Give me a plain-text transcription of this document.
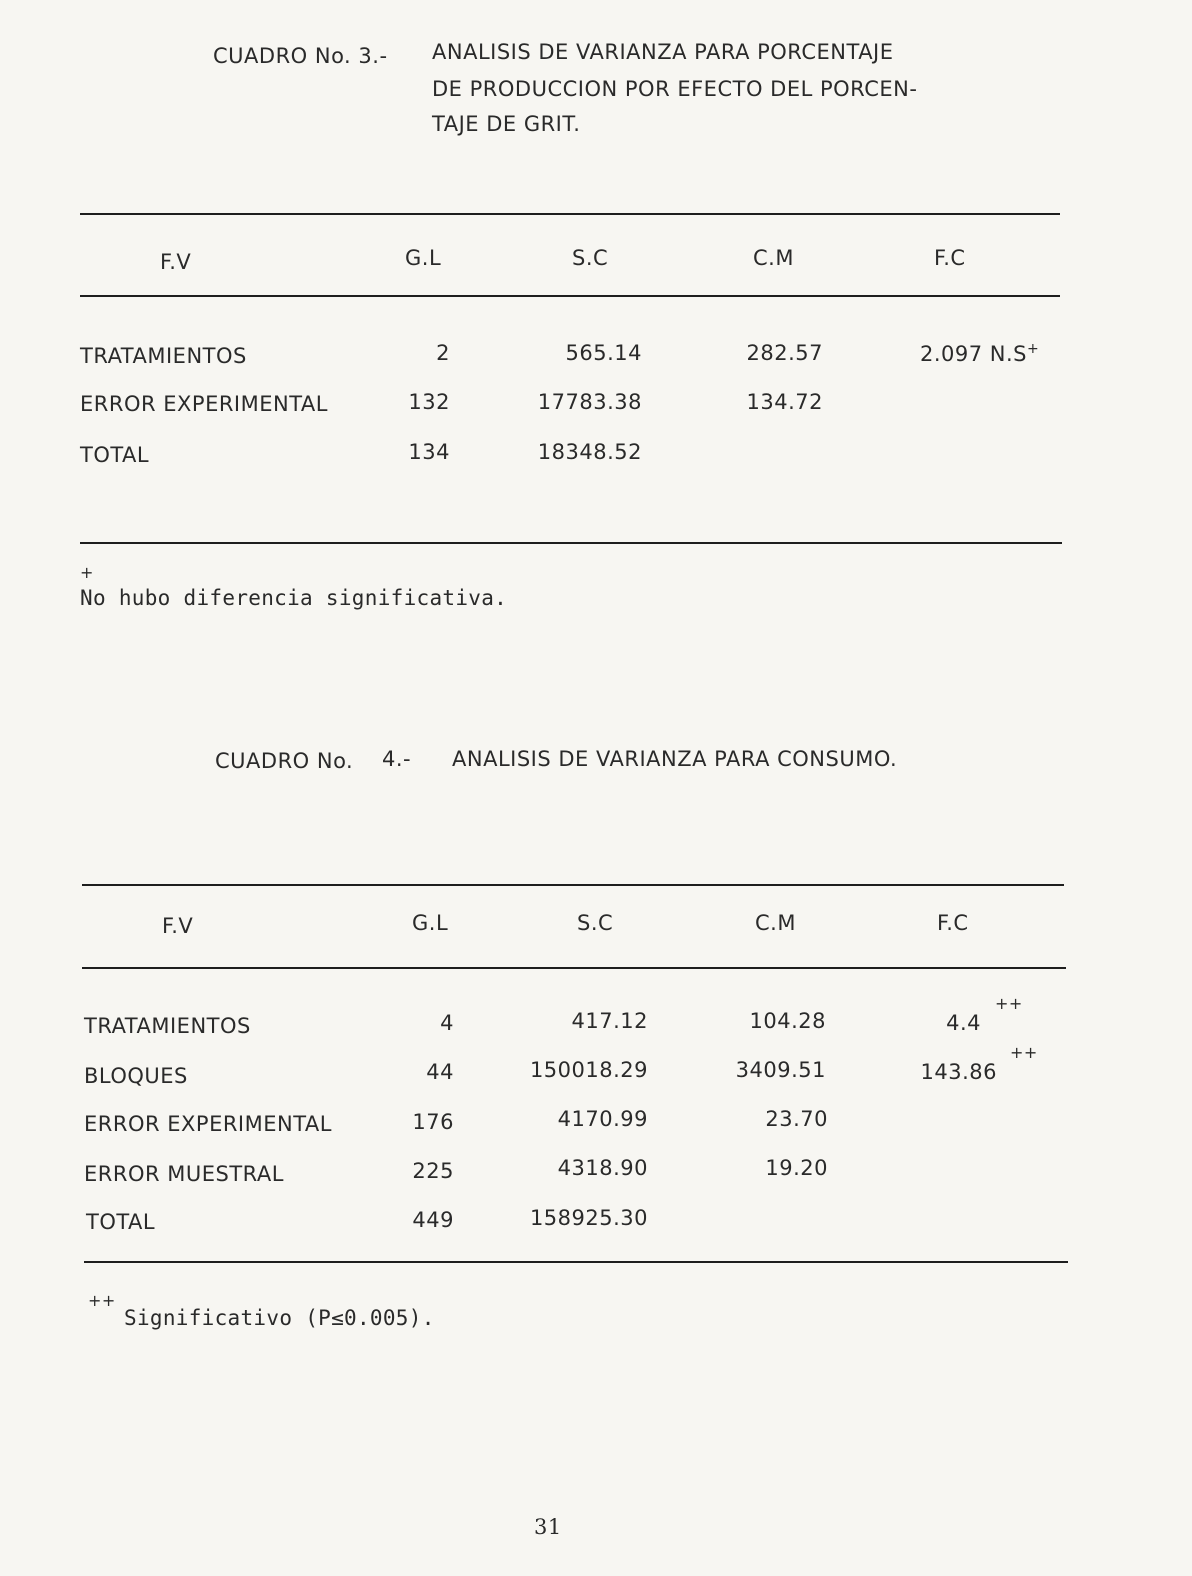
CUADRO No. 3.- ANALISIS DE VARIANZA PARA PORCENTAJE
DE PRODUCCION POR EFECTO DEL PORCEN-
TAJE DE GRIT.
F.V	G.L	S.C	C.M	F.C
TRATAMIENTOS	2	565.14	282.57	2.097 N.S+
ERROR EXPERIMENTAL	132	17783.38	134.72
TOTAL	134	18348.52
+
No hubo diferencia significativa.
CUADRO No. 4.- ANALISIS DE VARIANZA PARA CONSUMO.
F.V	G.L	S.C	C.M	F.C
TRATAMIENTOS	4	417.12	104.28	4.4
++
BLOQUES	44	150018.29	3409.51	143.86
++
ERROR EXPERIMENTAL	176	4170.99	23.70
ERROR MUESTRAL	225	4318.90	19.20
TOTAL	449	158925.30
++
Significativo (P≤0.005).
31
